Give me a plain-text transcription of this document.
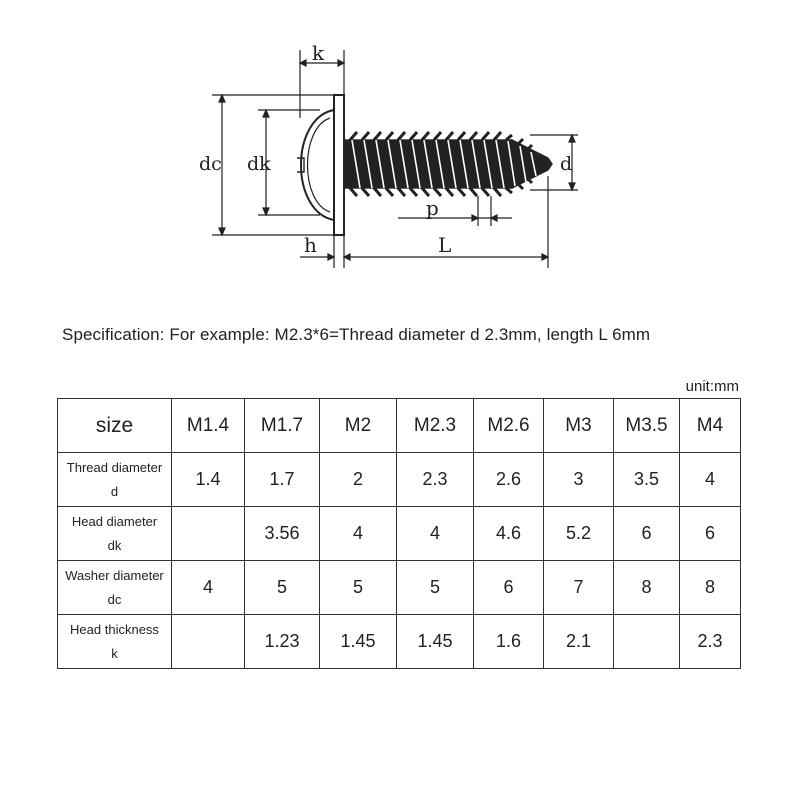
k
dc dk	d
p
h	L
Specification: For example: M2.3*6=Thread diameter d 2.3mm, length L 6mm
unit:mm
size	M1.4	M1.7	M2	M2.3	M2.6	M3	M3.5	M4

Thread diameter
d	1.4	1.7	2	2.3	2.6	3	3.5	4

Head diameter
dk		3.56	4	4	4.6	5.2	6	6

Washer diameter
dc	4	5	5	5	6	7	8	8

Head thickness
k		1.23	1.45	1.45	1.6	2.1		2.3
